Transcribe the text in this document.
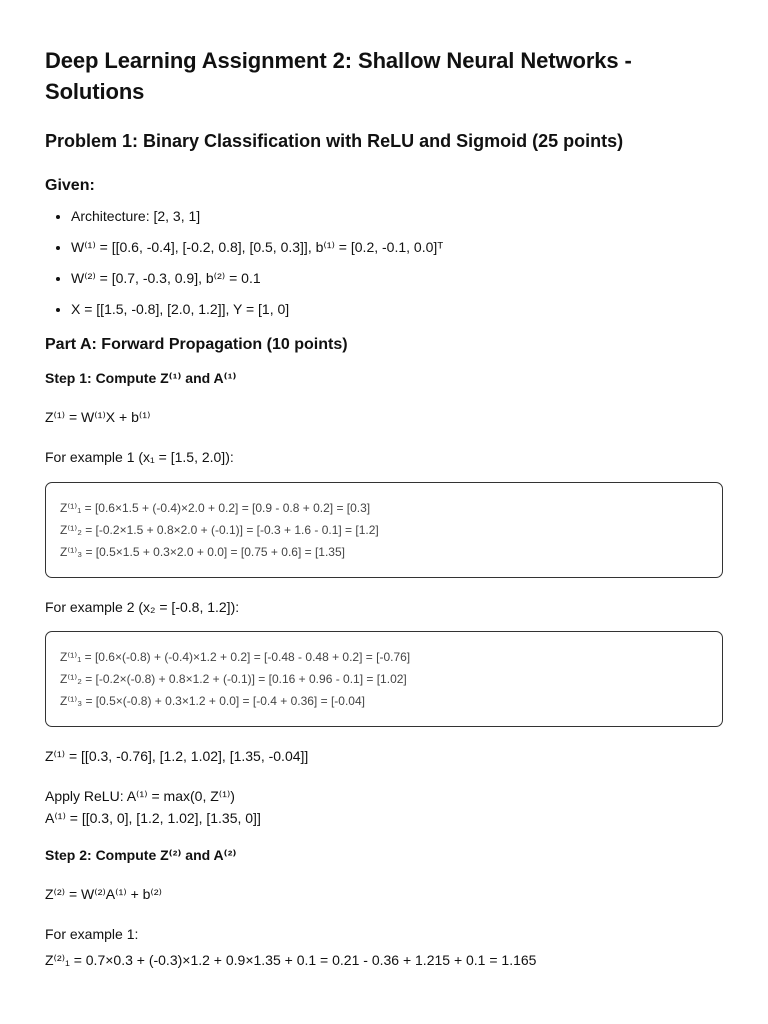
Deep Learning Assignment 2: Shallow Neural Networks - Solutions
Problem 1: Binary Classification with ReLU and Sigmoid (25 points)
Given:
• Architecture: [2, 3, 1]
• W⁽¹⁾ = [[0.6, -0.4], [-0.2, 0.8], [0.5, 0.3]], b⁽¹⁾ = [0.2, -0.1, 0.0]ᵀ
• W⁽²⁾ = [0.7, -0.3, 0.9], b⁽²⁾ = 0.1
• X = [[1.5, -0.8], [2.0, 1.2]], Y = [1, 0]
Part A: Forward Propagation (10 points)
Step 1: Compute Z⁽¹⁾ and A⁽¹⁾

Z⁽¹⁾ = W⁽¹⁾X + b⁽¹⁾

For example 1 (x₁ = [1.5, 2.0]):

Z⁽¹⁾₁ = [0.6×1.5 + (-0.4)×2.0 + 0.2] = [0.9 - 0.8 + 0.2] = [0.3]
Z⁽¹⁾₂ = [-0.2×1.5 + 0.8×2.0 + (-0.1)] = [-0.3 + 1.6 - 0.1] = [1.2]
Z⁽¹⁾₃ = [0.5×1.5 + 0.3×2.0 + 0.0] = [0.75 + 0.6] = [1.35]

For example 2 (x₂ = [-0.8, 1.2]):

Z⁽¹⁾₁ = [0.6×(-0.8) + (-0.4)×1.2 + 0.2] = [-0.48 - 0.48 + 0.2] = [-0.76]
Z⁽¹⁾₂ = [-0.2×(-0.8) + 0.8×1.2 + (-0.1)] = [0.16 + 0.96 - 0.1] = [1.02]
Z⁽¹⁾₃ = [0.5×(-0.8) + 0.3×1.2 + 0.0] = [-0.4 + 0.36] = [-0.04]

Z⁽¹⁾ = [[0.3, -0.76], [1.2, 1.02], [1.35, -0.04]]

Apply ReLU: A⁽¹⁾ = max(0, Z⁽¹⁾)

A⁽¹⁾ = [[0.3, 0], [1.2, 1.02], [1.35, 0]]

Step 2: Compute Z⁽²⁾ and A⁽²⁾

Z⁽²⁾ = W⁽²⁾A⁽¹⁾ + b⁽²⁾

For example 1:

Z⁽²⁾₁ = 0.7×0.3 + (-0.3)×1.2 + 0.9×1.35 + 0.1 = 0.21 - 0.36 + 1.215 + 0.1 = 1.165
